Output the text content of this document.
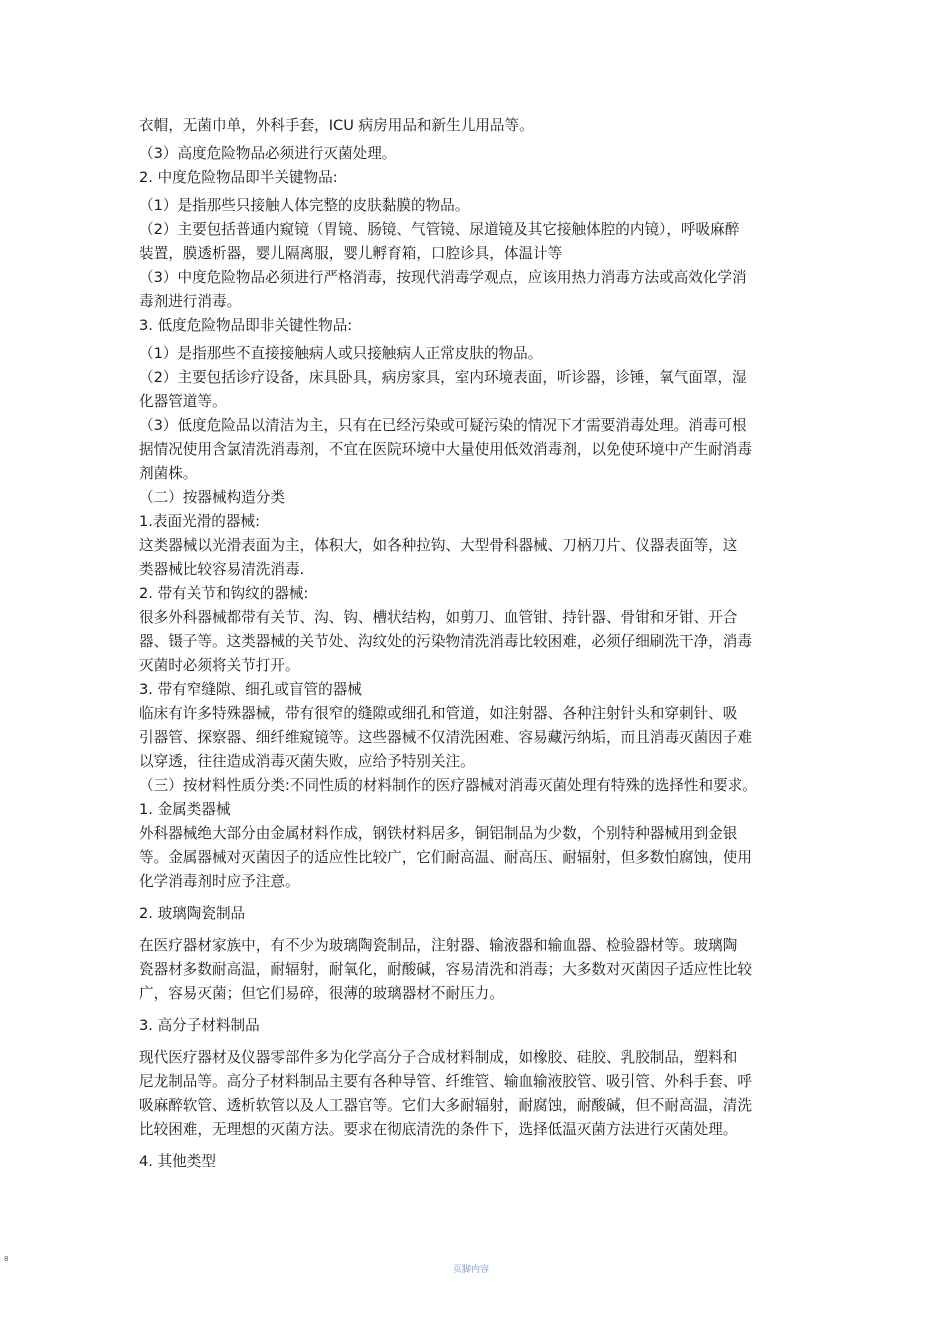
衣帽，无菌巾单，外科手套，ICU 病房用品和新生儿用品等。
（3）高度危险物品必须进行灭菌处理。
2. 中度危险物品即半关键物品:
（1）是指那些只接触人体完整的皮肤黏膜的物品。
（2）主要包括普通内窥镜（胃镜、肠镜、气管镜、尿道镜及其它接触体腔的内镜），呼吸麻醉
装置，膜透析器，婴儿隔离服，婴儿孵育箱，口腔诊具，体温计等
（3）中度危险物品必须进行严格消毒，按现代消毒学观点，应该用热力消毒方法或高效化学消
毒剂进行消毒。
3. 低度危险物品即非关键性物品:
（1）是指那些不直接接触病人或只接触病人正常皮肤的物品。
（2）主要包括诊疗设备，床具卧具，病房家具，室内环境表面，听诊器，诊锤，氧气面罩，湿
化器管道等。
（3）低度危险品以清洁为主，只有在已经污染或可疑污染的情况下才需要消毒处理。消毒可根
据情况使用含氯清洗消毒剂，不宜在医院环境中大量使用低效消毒剂，以免使环境中产生耐消毒
剂菌株。
（二）按器械构造分类
1.表面光滑的器械:
这类器械以光滑表面为主，体积大，如各种拉钩、大型骨科器械、刀柄刀片、仪器表面等，这
类器械比较容易清洗消毒.
2. 带有关节和钩纹的器械:
很多外科器械都带有关节、沟、钩、槽状结构，如剪刀、血管钳、持针器、骨钳和牙钳、开合
器、镊子等。这类器械的关节处、沟纹处的污染物清洗消毒比较困难，必须仔细刷洗干净，消毒
灭菌时必须将关节打开。
3. 带有窄缝隙、细孔或盲管的器械
临床有许多特殊器械，带有很窄的缝隙或细孔和管道，如注射器、各种注射针头和穿刺针、吸
引器管、探察器、细纤维窥镜等。这些器械不仅清洗困难、容易藏污纳垢，而且消毒灭菌因子难
以穿透，往往造成消毒灭菌失败，应给予特别关注。
（三）按材料性质分类:不同性质的材料制作的医疗器械对消毒灭菌处理有特殊的选择性和要求。
1. 金属类器械
外科器械绝大部分由金属材料作成，钢铁材料居多，铜铝制品为少数，个别特种器械用到金银
等。金属器械对灭菌因子的适应性比较广，它们耐高温、耐高压、耐辐射，但多数怕腐蚀，使用
化学消毒剂时应予注意。
2. 玻璃陶瓷制品
在医疗器材家族中，有不少为玻璃陶瓷制品，注射器、输液器和输血器、检验器材等。玻璃陶
瓷器材多数耐高温，耐辐射，耐氧化，耐酸碱，容易清洗和消毒；大多数对灭菌因子适应性比较
广，容易灭菌；但它们易碎，很薄的玻璃器材不耐压力。
3. 高分子材料制品
现代医疗器材及仪器零部件多为化学高分子合成材料制成，如橡胶、硅胶、乳胶制品，塑料和
尼龙制品等。高分子材料制品主要有各种导管、纤维管、输血输液胶管、吸引管、外科手套、呼
吸麻醉软管、透析软管以及人工器官等。它们大多耐辐射，耐腐蚀，耐酸碱，但不耐高温，清洗
比较困难，无理想的灭菌方法。要求在彻底清洗的条件下，选择低温灭菌方法进行灭菌处理。
4. 其他类型
8
页脚内容
